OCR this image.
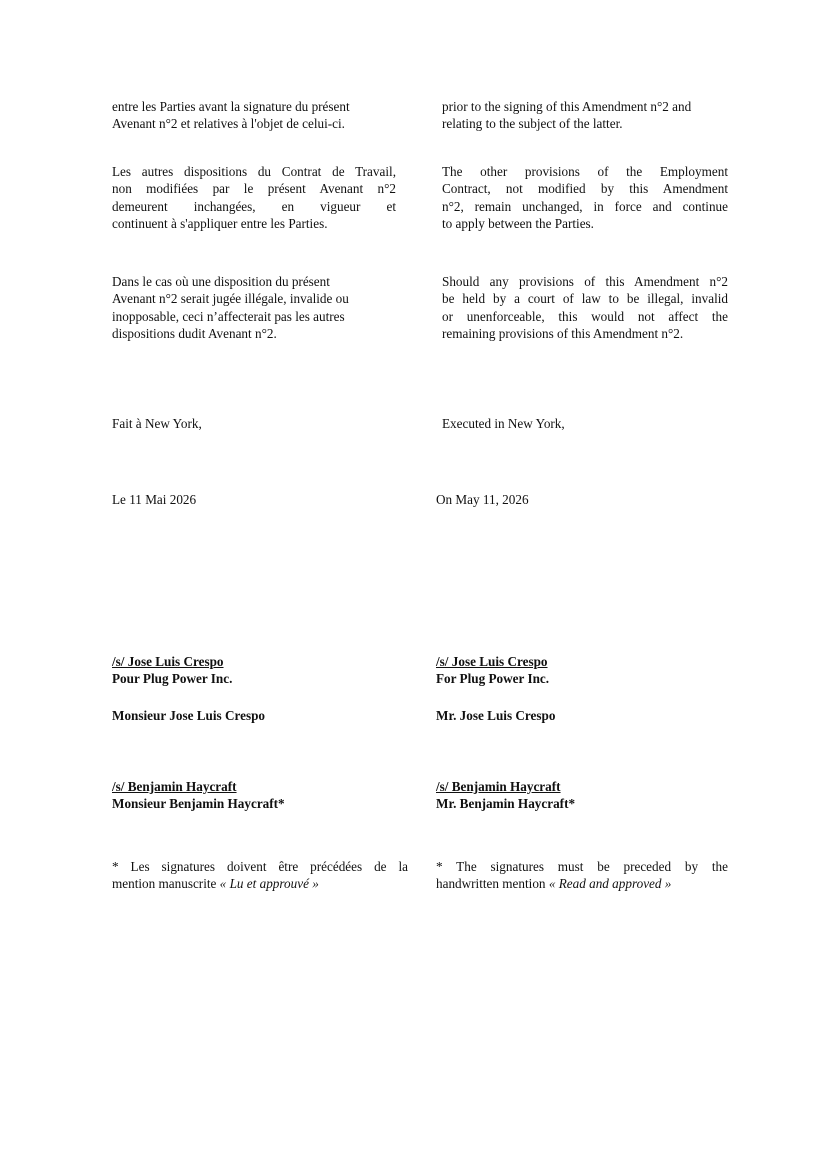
entre les Parties avant la signature du présent
Avenant n°2 et relatives à l'objet de celui-ci.
Les autres dispositions du Contrat de Travail,
non modifiées par le présent Avenant n°2
demeurent inchangées, en vigueur et
continuent à s'appliquer entre les Parties.
Dans le cas où une disposition du présent
Avenant n°2 serait jugée illégale, invalide ou
inopposable, ceci n’affecterait pas les autres
dispositions dudit Avenant n°2.
Fait à New York,
Le 11 Mai 2026
/s/ Jose Luis Crespo
Pour Plug Power Inc.
Monsieur Jose Luis Crespo
/s/ Benjamin Haycraft
Monsieur Benjamin Haycraft*
* Les signatures doivent être précédées de la
mention manuscrite « Lu et approuvé »
prior to the signing of this Amendment n°2 and
relating to the subject of the latter.
The other provisions of the Employment
Contract, not modified by this Amendment
n°2, remain unchanged, in force and continue
to apply between the Parties.
Should any provisions of this Amendment n°2
be held by a court of law to be illegal, invalid
or unenforceable, this would not affect the
remaining provisions of this Amendment n°2.
Executed in New York,
On May 11, 2026
/s/ Jose Luis Crespo
For Plug Power Inc.
Mr. Jose Luis Crespo
/s/ Benjamin Haycraft
Mr. Benjamin Haycraft*
* The signatures must be preceded by the
handwritten mention « Read and approved »
